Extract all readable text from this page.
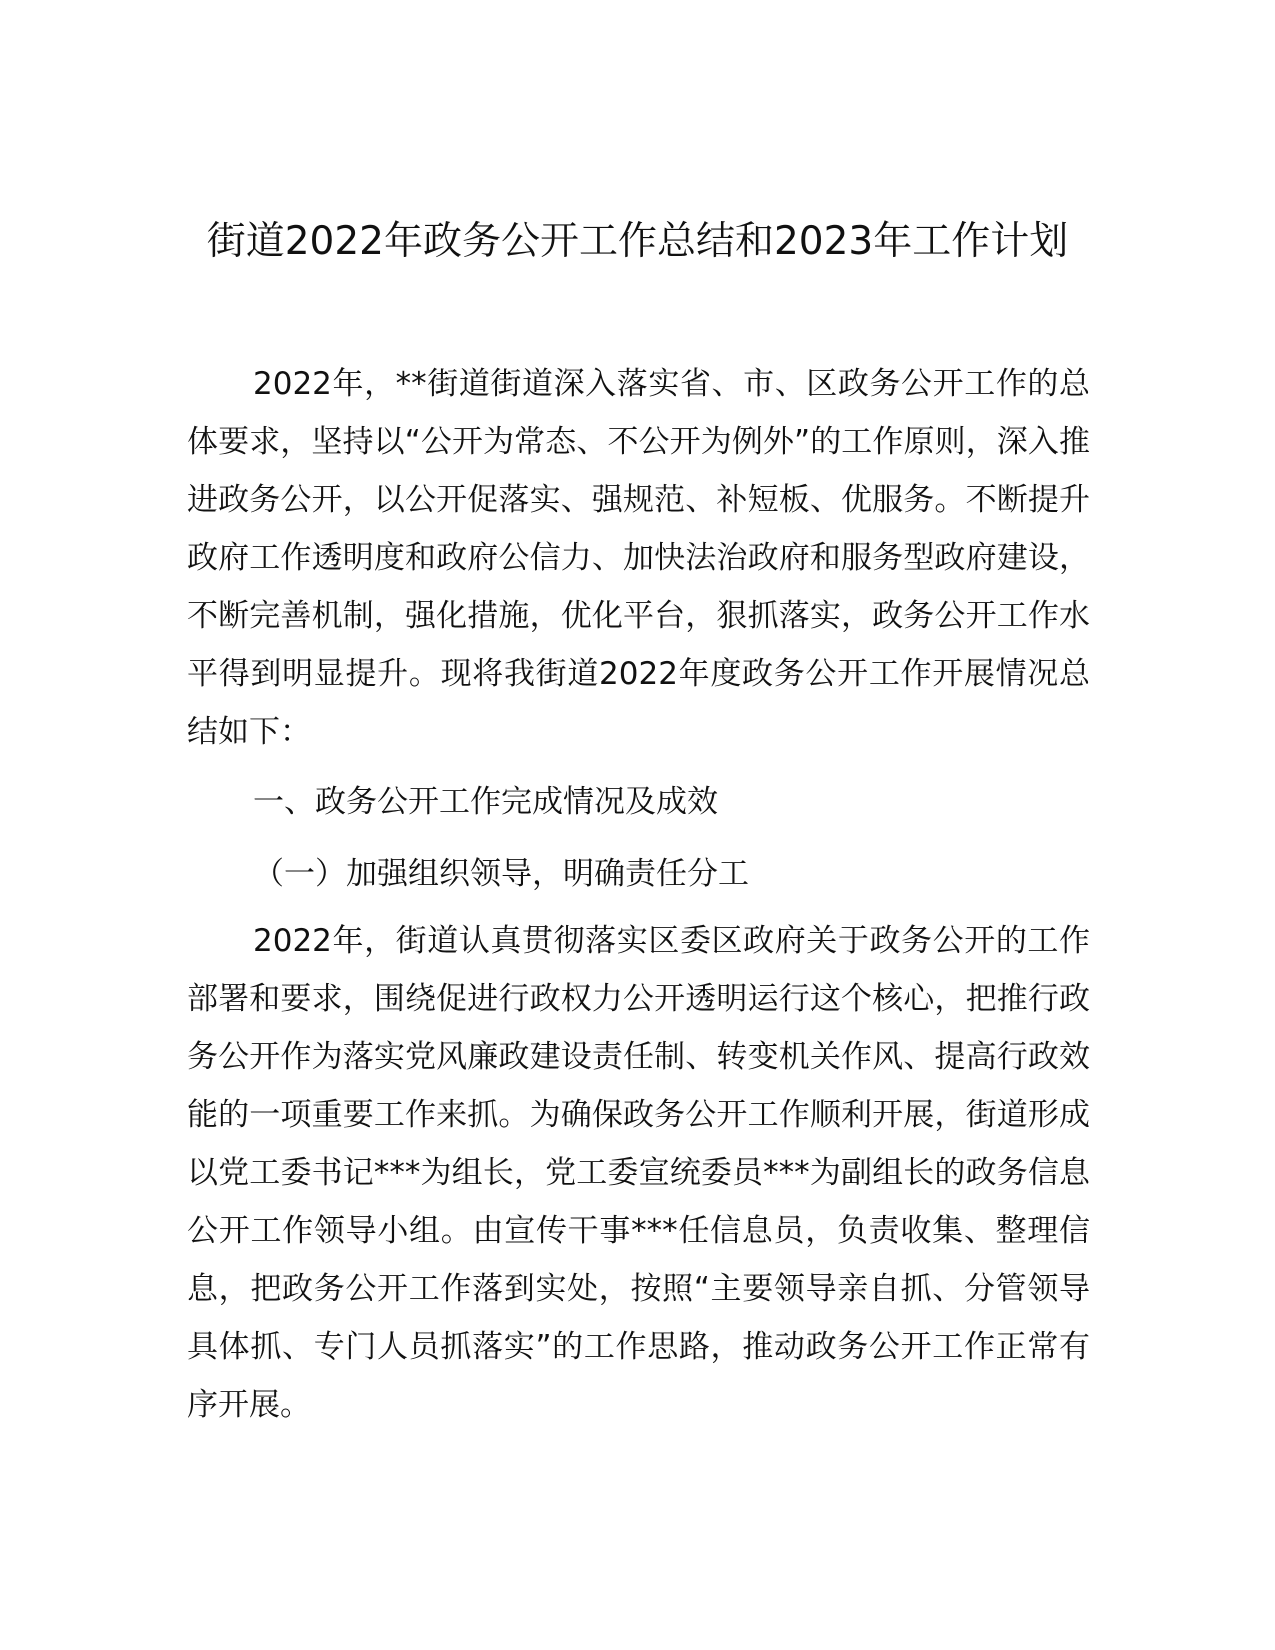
街道2022年政务公开工作总结和2023年工作计划

2022年，**街道街道深入落实省、市、区政务公开工作的总体要求，坚持以“公开为常态、不公开为例外”的工作原则，深入推进政务公开，以公开促落实、强规范、补短板、优服务。不断提升政府工作透明度和政府公信力、加快法治政府和服务型政府建设，不断完善机制，强化措施，优化平台，狠抓落实，政务公开工作水平得到明显提升。现将我街道2022年度政务公开工作开展情况总结如下：

一、政务公开工作完成情况及成效

（一）加强组织领导，明确责任分工

2022年，街道认真贯彻落实区委区政府关于政务公开的工作部署和要求，围绕促进行政权力公开透明运行这个核心，把推行政务公开作为落实党风廉政建设责任制、转变机关作风、提高行政效能的一项重要工作来抓。为确保政务公开工作顺利开展，街道形成以党工委书记***为组长，党工委宣统委员***为副组长的政务信息公开工作领导小组。由宣传干事***任信息员，负责收集、整理信息，把政务公开工作落到实处，按照“主要领导亲自抓、分管领导具体抓、专门人员抓落实”的工作思路，推动政务公开工作正常有序开展。
